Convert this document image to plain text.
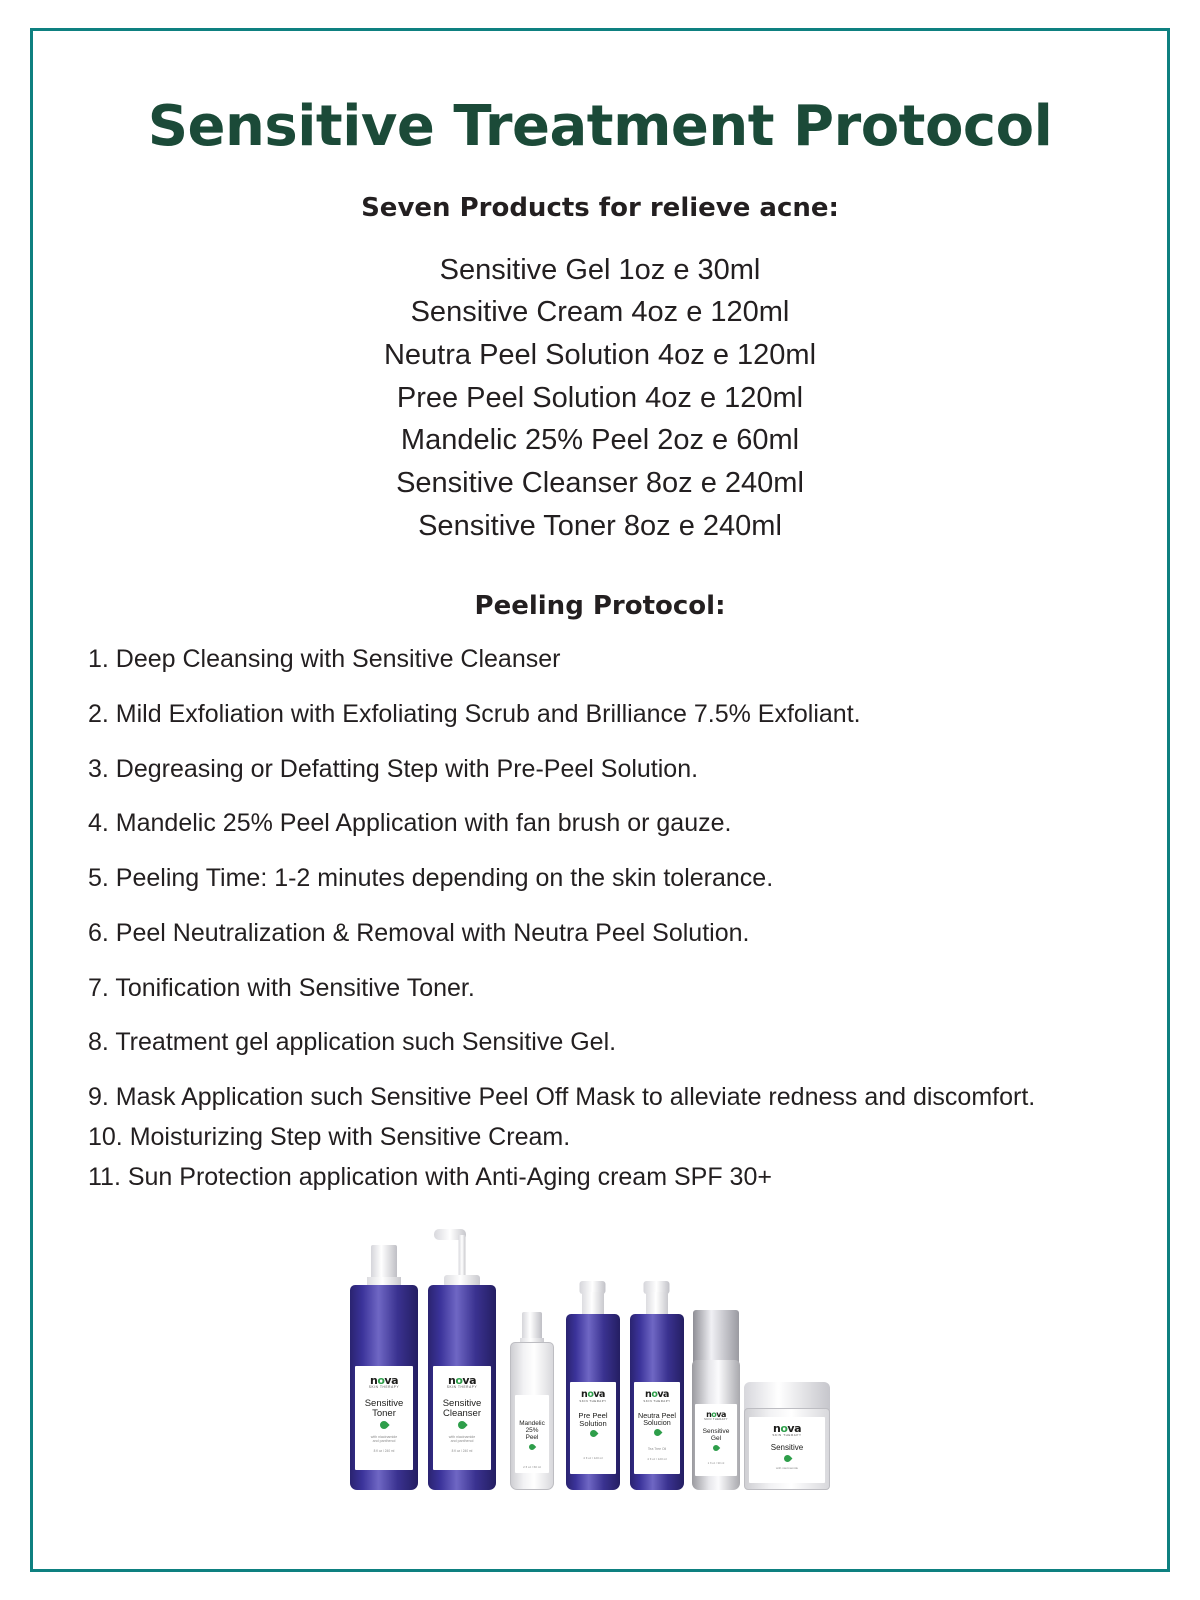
Sensitive Treatment Protocol
Seven Products for relieve acne:
Sensitive Gel 1oz e 30ml
Sensitive Cream 4oz e 120ml
Neutra Peel Solution 4oz e 120ml
Pree Peel Solution 4oz e 120ml
Mandelic 25% Peel 2oz e 60ml
Sensitive Cleanser 8oz e 240ml
Sensitive Toner 8oz e 240ml
Peeling Protocol:
1. Deep Cleansing with Sensitive Cleanser
2. Mild Exfoliation with Exfoliating Scrub and Brilliance 7.5% Exfoliant.
3. Degreasing or Defatting Step with Pre-Peel Solution.
4. Mandelic 25% Peel Application with fan brush or gauze.
5. Peeling Time: 1-2 minutes depending on the skin tolerance.
6. Peel Neutralization & Removal with Neutra Peel Solution.
7. Tonification with Sensitive Toner.
8. Treatment gel application such Sensitive Gel.
9. Mask Application such Sensitive Peel Off Mask to alleviate redness and discomfort.
10. Moisturizing Step with Sensitive Cream.
11. Sun Protection application with Anti-Aging cream SPF 30+
nova
SKIN THERAPY
Sensitive
Toner
with niacinamide
and panthenol
8 fl oz / 240 ml
nova
SKIN THERAPY
Sensitive
Cleanser
with niacinamide
and panthenol
8 fl oz / 240 ml
Mandelic 25%
Peel
2 fl oz / 60 ml
nova
SKIN THERAPY
Pre Peel
Solution
4 fl oz / 120 ml
nova
SKIN THERAPY
Neutra Peel
Solucion
Tea Tree Oil
4 fl oz / 120 ml
nova
SKIN THERAPY
Sensitive
Gel
1 fl oz / 30 ml
nova
SKIN THERAPY
Sensitive
with niacinamide
